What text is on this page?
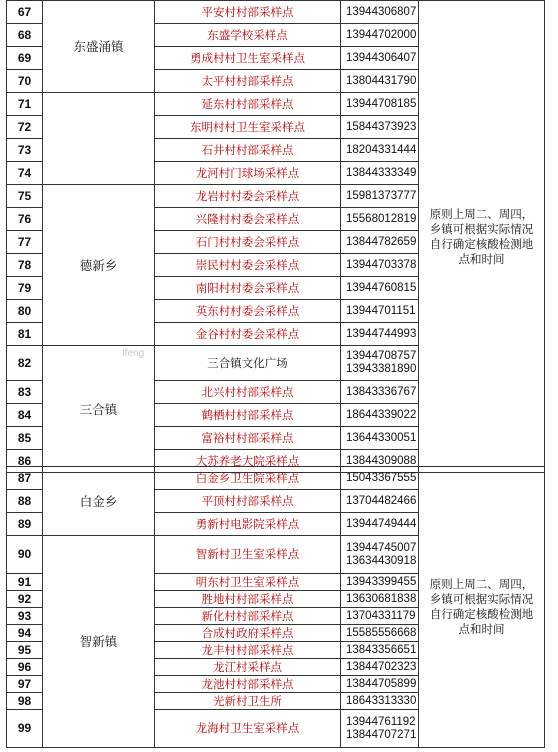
67	东盛涌镇	平安村村部采样点	13944306807	原则上周二、周四，乡镇可根据实际情况自行确定核酸检测地点和时间
68		东盛学校采样点	13944702000	
69		勇成村村卫生室采样点	13944306407	
70		太平村村部采样点	13804431790	
71		延东村村部采样点	13944708185	
72		东明村村卫生室采样点	15844373923	
73		石井村村部采样点	18204331444	
74		龙河村门球场采样点	13844333349	
75	德新乡	龙岩村村委会采样点	15981373777	
76		兴隆村村委会采样点	15568012819	
77		石门村村委会采样点	13844782659	
78		崇民村村委会采样点	13944703378	
79		南阳村村委会采样点	13944760815	
80		英东村村委会采样点	13944701151	
81		金谷村村委会采样点	13944744993	
82	三合镇	三合镇文化广场	13944708757
13943381890	

83		北兴村村部采样点	13843336767	
84		鹤栖村村部采样点	18644339022	
85		富裕村村部采样点	13644330051	
86		大苏养老大院采样点	13844309088	
Ifeng
87	白金乡	白金乡卫生院采样点	15043367555	原则上周二、周四，乡镇可根据实际情况自行确定核酸检测地点和时间
88		平顶村村部采样点	13704482466	
89		勇新村电影院采样点	13944749444	
90	智新镇	智新村卫生室采样点	13944745007
13634430918	

91		明东村卫生室采样点	13943399455	
92		胜地村村部采样点	13630681838	
93		新化村村部采样点	13704331179	
94		合成村政府采样点	15585556668	
95		龙丰村村部采样点	13843356651	
96		龙江村采样点	13844702323	
97		龙池村村部采样点	13844705899	
98		光新村卫生所	18643313330	
99		龙海村卫生室采样点	13944761192
13844707271	
